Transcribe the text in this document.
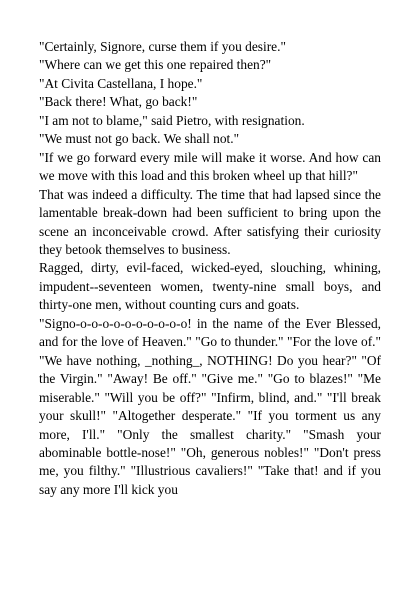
"Certainly, Signore, curse them if you desire."

"Where can we get this one repaired then?"

"At Civita Castellana, I hope."

"Back there! What, go back!"

"I am not to blame," said Pietro, with resignation.

"We must not go back. We shall not."

"If we go forward every mile will make it worse. And how can we move with this load and this broken wheel up that hill?"

That was indeed a difficulty. The time that had lapsed since the lamentable break-down had been sufficient to bring upon the scene an inconceivable crowd. After satisfying their curiosity they betook themselves to business.

Ragged, dirty, evil-faced, wicked-eyed, slouching, whining, impudent--seventeen women, twenty-nine small boys, and thirty-one men, without counting curs and goats.

"Signo-o-o-o-o-o-o-o-o-o-o! in the name of the Ever Blessed, and for the love of Heaven." "Go to thunder." "For the love of." "We have nothing, _nothing_, NOTHING! Do you hear?" "Of the Virgin." "Away! Be off." "Give me." "Go to blazes!" "Me miserable." "Will you be off?" "Infirm, blind, and." "I'll break your skull!" "Altogether desperate." "If you torment us any more, I'll." "Only the smallest charity." "Smash your abominable bottle-nose!" "Oh, generous nobles!" "Don't press me, you filthy." "Illustrious cavaliers!" "Take that! and if you say any more I'll kick you
